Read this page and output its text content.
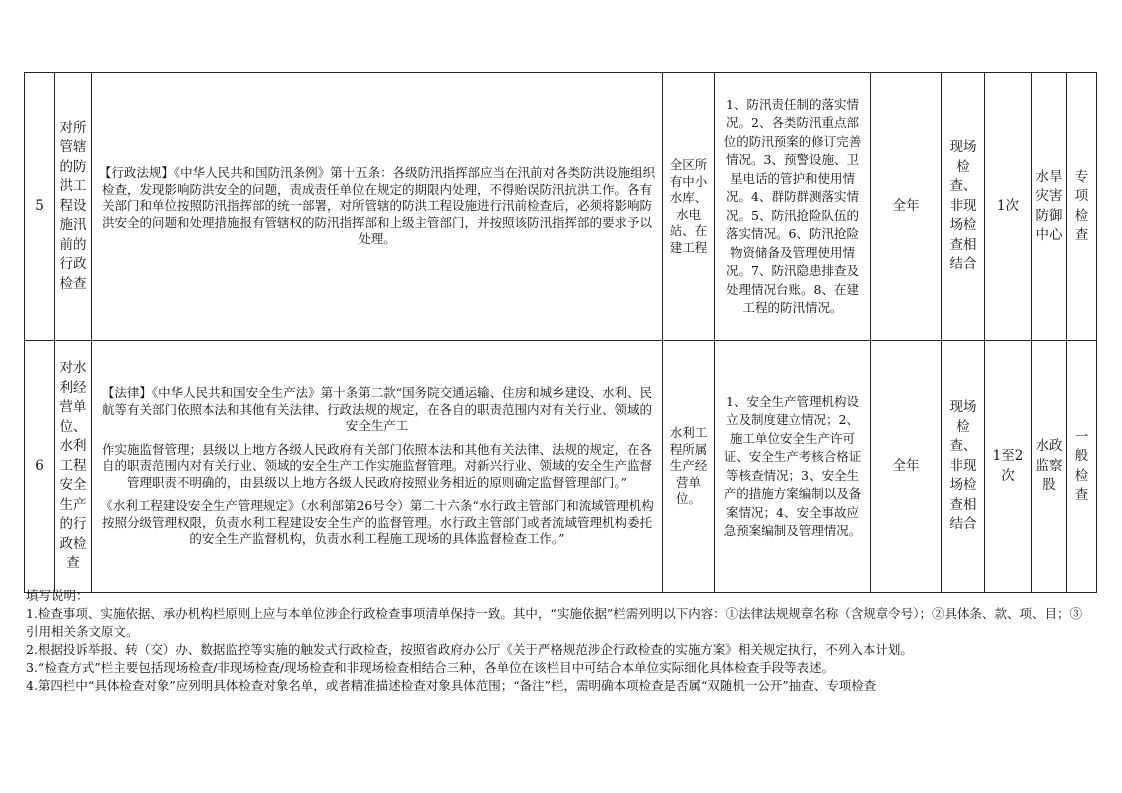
5	对所管辖的防洪工程设施汛前的行政检查	【行政法规】《中华人民共和国防汛条例》第十五条：各级防汛指挥部应当在汛前对各类防洪设施组织检查，发现影响防洪安全的问题，责成责任单位在规定的期限内处理，不得贻误防汛抗洪工作。各有关部门和单位按照防汛指挥部的统一部署，对所管辖的防洪工程设施进行汛前检查后，必须将影响防洪安全的问题和处理措施报有管辖权的防汛指挥部和上级主管部门，并按照该防汛指挥部的要求予以处理。	全区所有中小水库、水电站、在建工程	1、防汛责任制的落实情况。2、各类防汛重点部位的防汛预案的修订完善情况。3、预警设施、卫星电话的管护和使用情况。4、群防群测落实情况。5、防汛抢险队伍的落实情况。6、防汛抢险物资储备及管理使用情况。7、防汛隐患排查及处理情况台账。8、在建工程的防汛情况。	全年	现场检查、非现场检查相结合	1次	水旱灾害防御中心	专项检查
6	对水利经营单位、水利工程安全生产的行政检查	【法律】《中华人民共和国安全生产法》第十条第二款“国务院交通运输、住房和城乡建设、水利、民航等有关部门依照本法和其他有关法律、行政法规的规定，在各自的职责范围内对有关行业、领域的安全生产工

作实施监督管理；县级以上地方各级人民政府有关部门依照本法和其他有关法律、法规的规定，在各自的职责范围内对有关行业、领域的安全生产工作实施监督管理。对新兴行业、领域的安全生产监督管理职责不明确的，由县级以上地方各级人民政府按照业务相近的原则确定监督管理部门。”

《水利工程建设安全生产管理规定》（水利部第26号令）第二十六条“水行政主管部门和流域管理机构按照分级管理权限，负责水利工程建设安全生产的监督管理。水行政主管部门或者流域管理机构委托的安全生产监督机构，负责水利工程施工现场的具体监督检查工作。”	水利工程所属生产经营单位。	1、安全生产管理机构设立及制度建立情况；2、施工单位安全生产许可证、安全生产考核合格证等核查情况；3、安全生产的措施方案编制以及备案情况；4、安全事故应急预案编制及管理情况。	全年	现场检查、非现场检查相结合	1至2次	水政监察股	一般检查
填写说明：
1.检查事项、实施依据、承办机构栏原则上应与本单位涉企行政检查事项清单保持一致。其中，“实施依据”栏需列明以下内容：①法律法规规章名称（含规章令号）；②具体条、款、项、目；③引用相关条文原文。
2.根据投诉举报、转（交）办、数据监控等实施的触发式行政检查，按照省政府办公厅《关于严格规范涉企行政检查的实施方案》相关规定执行，不列入本计划。
3.“检查方式”栏主要包括现场检查/非现场检查/现场检查和非现场检查相结合三种，各单位在该栏目中可结合本单位实际细化具体检查手段等表述。
4.第四栏中“具体检查对象”应列明具体检查对象名单，或者精准描述检查对象具体范围；“备注”栏，需明确本项检查是否属“双随机一公开”抽查、专项检查
